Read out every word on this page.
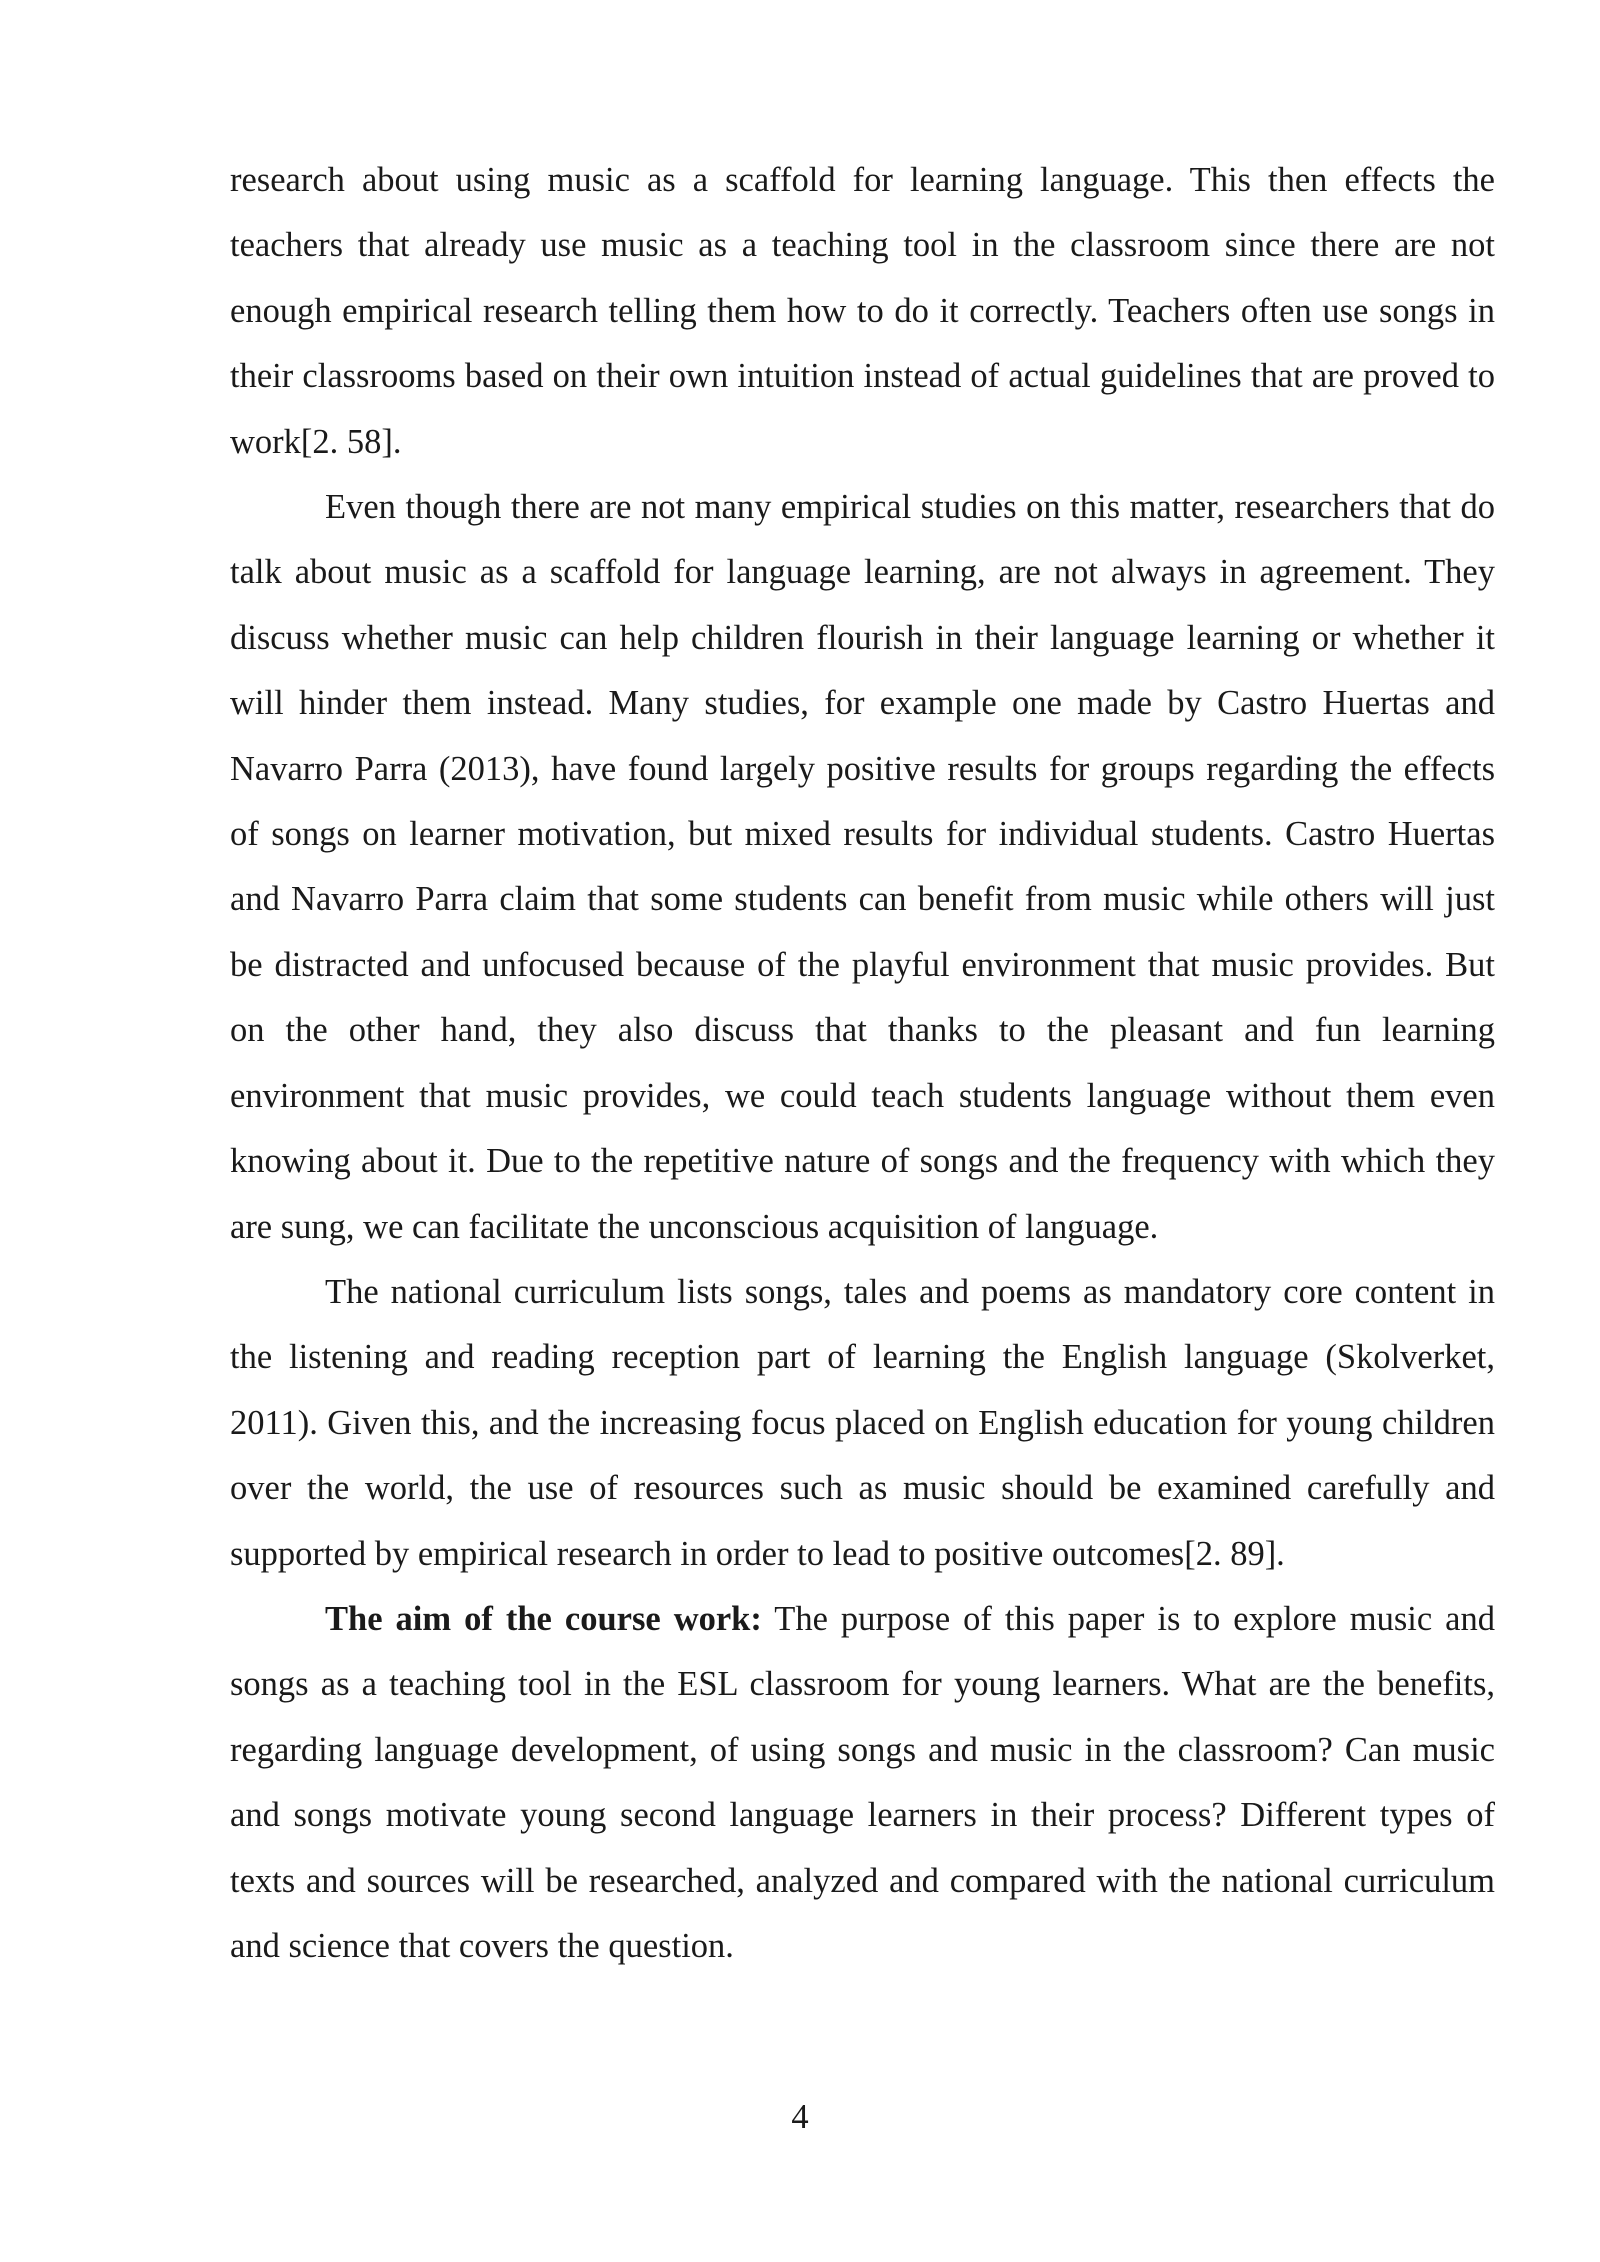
research about using music as a scaffold for learning language. This then effects the teachers that already use music as a teaching tool in the classroom since there are not enough empirical research telling them how to do it correctly. Teachers often use songs in their classrooms based on their own intuition instead of actual guidelines that are proved to work[2. 58].

Even though there are not many empirical studies on this matter, researchers that do talk about music as a scaffold for language learning, are not always in agreement. They discuss whether music can help children flourish in their language learning or whether it will hinder them instead. Many studies, for example one made by Castro Huertas and Navarro Parra (2013), have found largely positive results for groups regarding the effects of songs on learner motivation, but mixed results for individual students. Castro Huertas and Navarro Parra claim that some students can benefit from music while others will just be distracted and unfocused because of the playful environment that music provides. But on the other hand, they also discuss that thanks to the pleasant and fun learning environment that music provides, we could teach students language without them even knowing about it. Due to the repetitive nature of songs and the frequency with which they are sung, we can facilitate the unconscious acquisition of language.

The national curriculum lists songs, tales and poems as mandatory core content in the listening and reading reception part of learning the English language (Skolverket, 2011). Given this, and the increasing focus placed on English education for young children over the world, the use of resources such as music should be examined carefully and supported by empirical research in order to lead to positive outcomes[2. 89].

The aim of the course work: The purpose of this paper is to explore music and songs as a teaching tool in the ESL classroom for young learners. What are the benefits, regarding language development, of using songs and music in the classroom? Can music and songs motivate young second language learners in their process? Different types of texts and sources will be researched, analyzed and compared with the national curriculum and science that covers the question.

4
